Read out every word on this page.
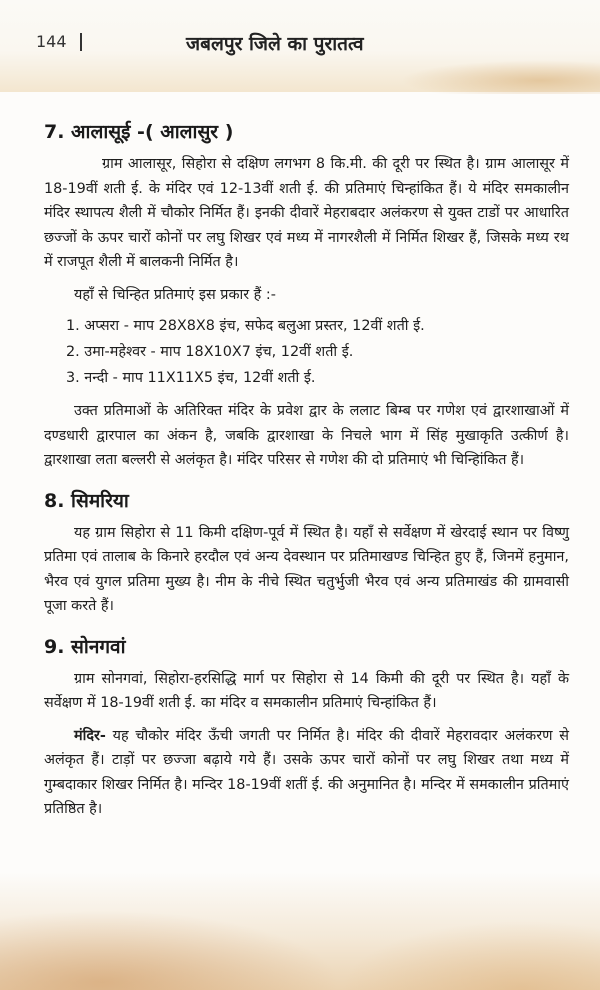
144	जबलपुर जिले का पुरातत्व
7. आलासूई -( आलासुर )

ग्राम आलासूर, सिहोरा से दक्षिण लगभग 8 कि.मी. की दूरी पर स्थित है। ग्राम आलासूर में 18-19वीं शती ई. के मंदिर एवं 12-13वीं शती ई. की प्रतिमाएं चिन्हांकित हैं। ये मंदिर समकालीन मंदिर स्थापत्य शैली में चौकोर निर्मित हैं। इनकी दीवारें मेहराबदार अलंकरण से युक्त टाडों पर आधारित छज्जों के ऊपर चारों कोनों पर लघु शिखर एवं मध्य में नागरशैली में निर्मित शिखर हैं, जिसके मध्य रथ में राजपूत शैली में बालकनी निर्मित है।

यहाँ से चिन्हित प्रतिमाएं इस प्रकार हैं :-

1. अप्सरा - माप 28X8X8 इंच, सफेद बलुआ प्रस्तर, 12वीं शती ई.
2. उमा-महेश्वर - माप 18X10X7 इंच, 12वीं शती ई.
3. नन्दी - माप 11X11X5 इंच, 12वीं शती ई.

उक्त प्रतिमाओं के अतिरिक्त मंदिर के प्रवेश द्वार के ललाट बिम्ब पर गणेश एवं द्वारशाखाओं में दण्डधारी द्वारपाल का अंकन है, जबकि द्वारशाखा के निचले भाग में सिंह मुखाकृति उत्कीर्ण है। द्वारशाखा लता बल्लरी से अलंकृत है। मंदिर परिसर से गणेश की दो प्रतिमाएं भी चिन्हिांकित हैं।

8. सिमरिया

यह ग्राम सिहोरा से 11 किमी दक्षिण-पूर्व में स्थित है। यहाँ से सर्वेक्षण में खेरदाई स्थान पर विष्णु प्रतिमा एवं तालाब के किनारे हरदौल एवं अन्य देवस्थान पर प्रतिमाखण्ड चिन्हित हुए हैं, जिनमें हनुमान, भैरव एवं युगल प्रतिमा मुख्य है। नीम के नीचे स्थित चतुर्भुजी भैरव एवं अन्य प्रतिमाखंड की ग्रामवासी पूजा करते हैं।

9. सोनगवां

ग्राम सोनगवां, सिहोरा-हरसिद्धि मार्ग पर सिहोरा से 14 किमी की दूरी पर स्थित है। यहाँ के सर्वेक्षण में 18-19वीं शती ई. का मंदिर व समकालीन प्रतिमाएं चिन्हांकित हैं।

मंदिर- यह चौकोर मंदिर ऊँची जगती पर निर्मित है। मंदिर की दीवारें मेहरावदार अलंकरण से अलंकृत हैं। टाड़ों पर छज्जा बढ़ाये गये हैं। उसके ऊपर चारों कोनों पर लघु शिखर तथा मध्य में गुम्बदाकार शिखर निर्मित है। मन्दिर 18-19वीं शतीं ई. की अनुमानित है। मन्दिर में समकालीन प्रतिमाएं प्रतिष्ठित है।
